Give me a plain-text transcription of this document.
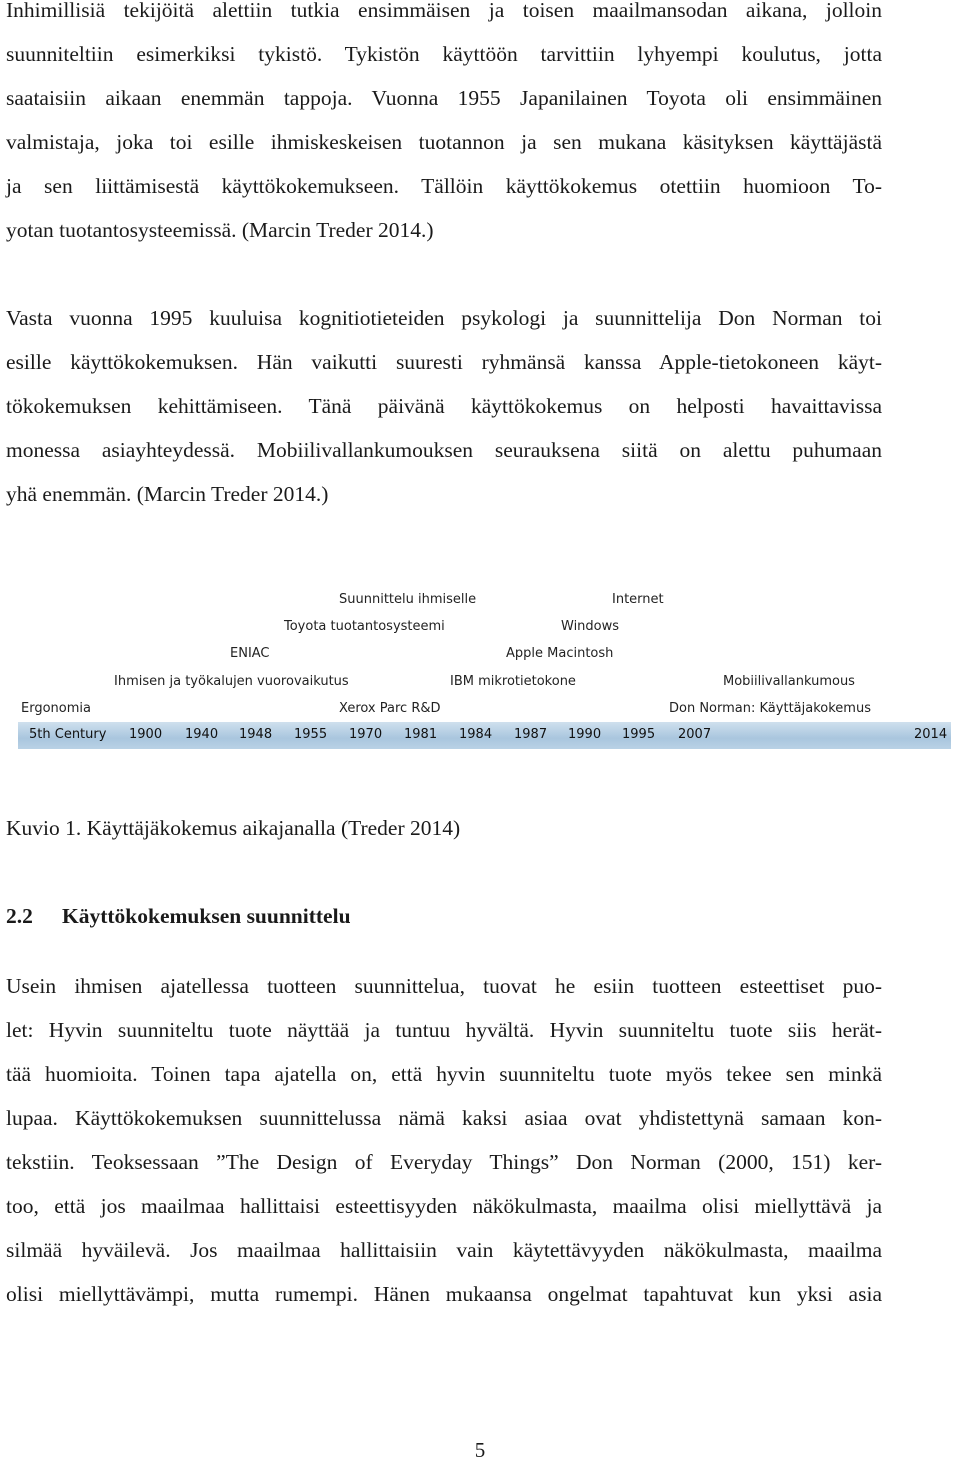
Inhimillisiä tekijöitä alettiin tutkia ensimmäisen ja toisen maailmansodan aikana, jolloin
suunniteltiin esimerkiksi tykistö. Tykistön käyttöön tarvittiin lyhyempi koulutus, jotta
saataisiin aikaan enemmän tappoja. Vuonna 1955 Japanilainen Toyota oli ensimmäinen
valmistaja, joka toi esille ihmiskeskeisen tuotannon ja sen mukana käsityksen käyttäjästä
ja sen liittämisestä käyttökokemukseen. Tällöin käyttökokemus otettiin huomioon To-
yotan tuotantosysteemissä. (Marcin Treder 2014.)
Vasta vuonna 1995 kuuluisa kognitiotieteiden psykologi ja suunnittelija Don Norman toi
esille käyttökokemuksen. Hän vaikutti suuresti ryhmänsä kanssa Apple-tietokoneen käyt-
tökokemuksen kehittämiseen. Tänä päivänä käyttökokemus on helposti havaittavissa
monessa asiayhteydessä. Mobiilivallankumouksen seurauksena siitä on alettu puhumaan
yhä enemmän. (Marcin Treder 2014.)
Suunnittelu ihmiselle	Internet
Toyota tuotantosysteemi	Windows
ENIAC	Apple Macintosh
Ihmisen ja työkalujen vuorovaikutus	IBM mikrotietokone	Mobiilivallankumous
Ergonomia	Xerox Parc R&D	Don Norman: Käyttäjakokemus
5th Century 1900 1940 1948 1955 1970 1981 1984 1987 1990 1995 2007	2014
Kuvio 1. Käyttäjäkokemus aikajanalla (Treder 2014)
2.2 Käyttökokemuksen suunnittelu
Usein ihmisen ajatellessa tuotteen suunnittelua, tuovat he esiin tuotteen esteettiset puo-
let: Hyvin suunniteltu tuote näyttää ja tuntuu hyvältä. Hyvin suunniteltu tuote siis herät-
tää huomioita. Toinen tapa ajatella on, että hyvin suunniteltu tuote myös tekee sen minkä
lupaa. Käyttökokemuksen suunnittelussa nämä kaksi asiaa ovat yhdistettynä samaan kon-
tekstiin. Teoksessaan ”The Design of Everyday Things” Don Norman (2000, 151) ker-
too, että jos maailmaa hallittaisi esteettisyyden näkökulmasta, maailma olisi miellyttävä ja
silmää hyväilevä. Jos maailmaa hallittaisiin vain käytettävyyden näkökulmasta, maailma
olisi miellyttävämpi, mutta rumempi. Hänen mukaansa ongelmat tapahtuvat kun yksi asia
5
